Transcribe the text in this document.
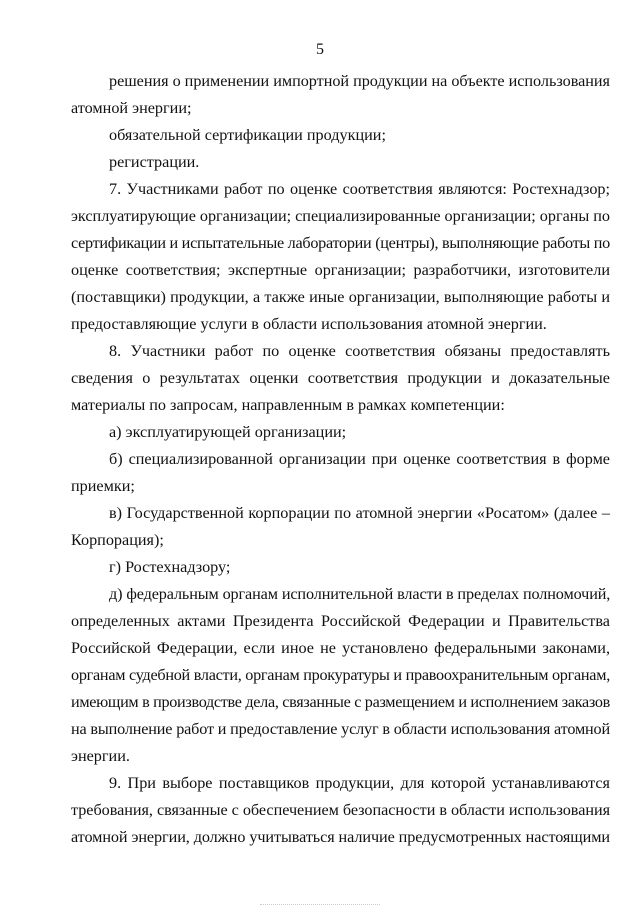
5
решения о применении импортной продукции на объекте использования
атомной энергии;
обязательной сертификации продукции;
регистрации.
7. Участниками работ по оценке соответствия являются: Ростехнадзор;
эксплуатирующие организации; специализированные организации; органы по
сертификации и испытательные лаборатории (центры), выполняющие работы по
оценке соответствия; экспертные организации; разработчики, изготовители
(поставщики) продукции, а также иные организации, выполняющие работы и
предоставляющие услуги в области использования атомной энергии.
8. Участники работ по оценке соответствия обязаны предоставлять
сведения о результатах оценки соответствия продукции и доказательные
материалы по запросам, направленным в рамках компетенции:
а) эксплуатирующей организации;
б) специализированной организации при оценке соответствия в форме
приемки;
в) Государственной корпорации по атомной энергии «Росатом» (далее –
Корпорация);
г) Ростехнадзору;
д) федеральным органам исполнительной власти в пределах полномочий,
определенных актами Президента Российской Федерации и Правительства
Российской Федерации, если иное не установлено федеральными законами,
органам судебной власти, органам прокуратуры и правоохранительным органам,
имеющим в производстве дела, связанные с размещением и исполнением заказов
на выполнение работ и предоставление услуг в области использования атомной
энергии.
9. При выборе поставщиков продукции, для которой устанавливаются
требования, связанные с обеспечением безопасности в области использования
атомной энергии, должно учитываться наличие предусмотренных настоящими
